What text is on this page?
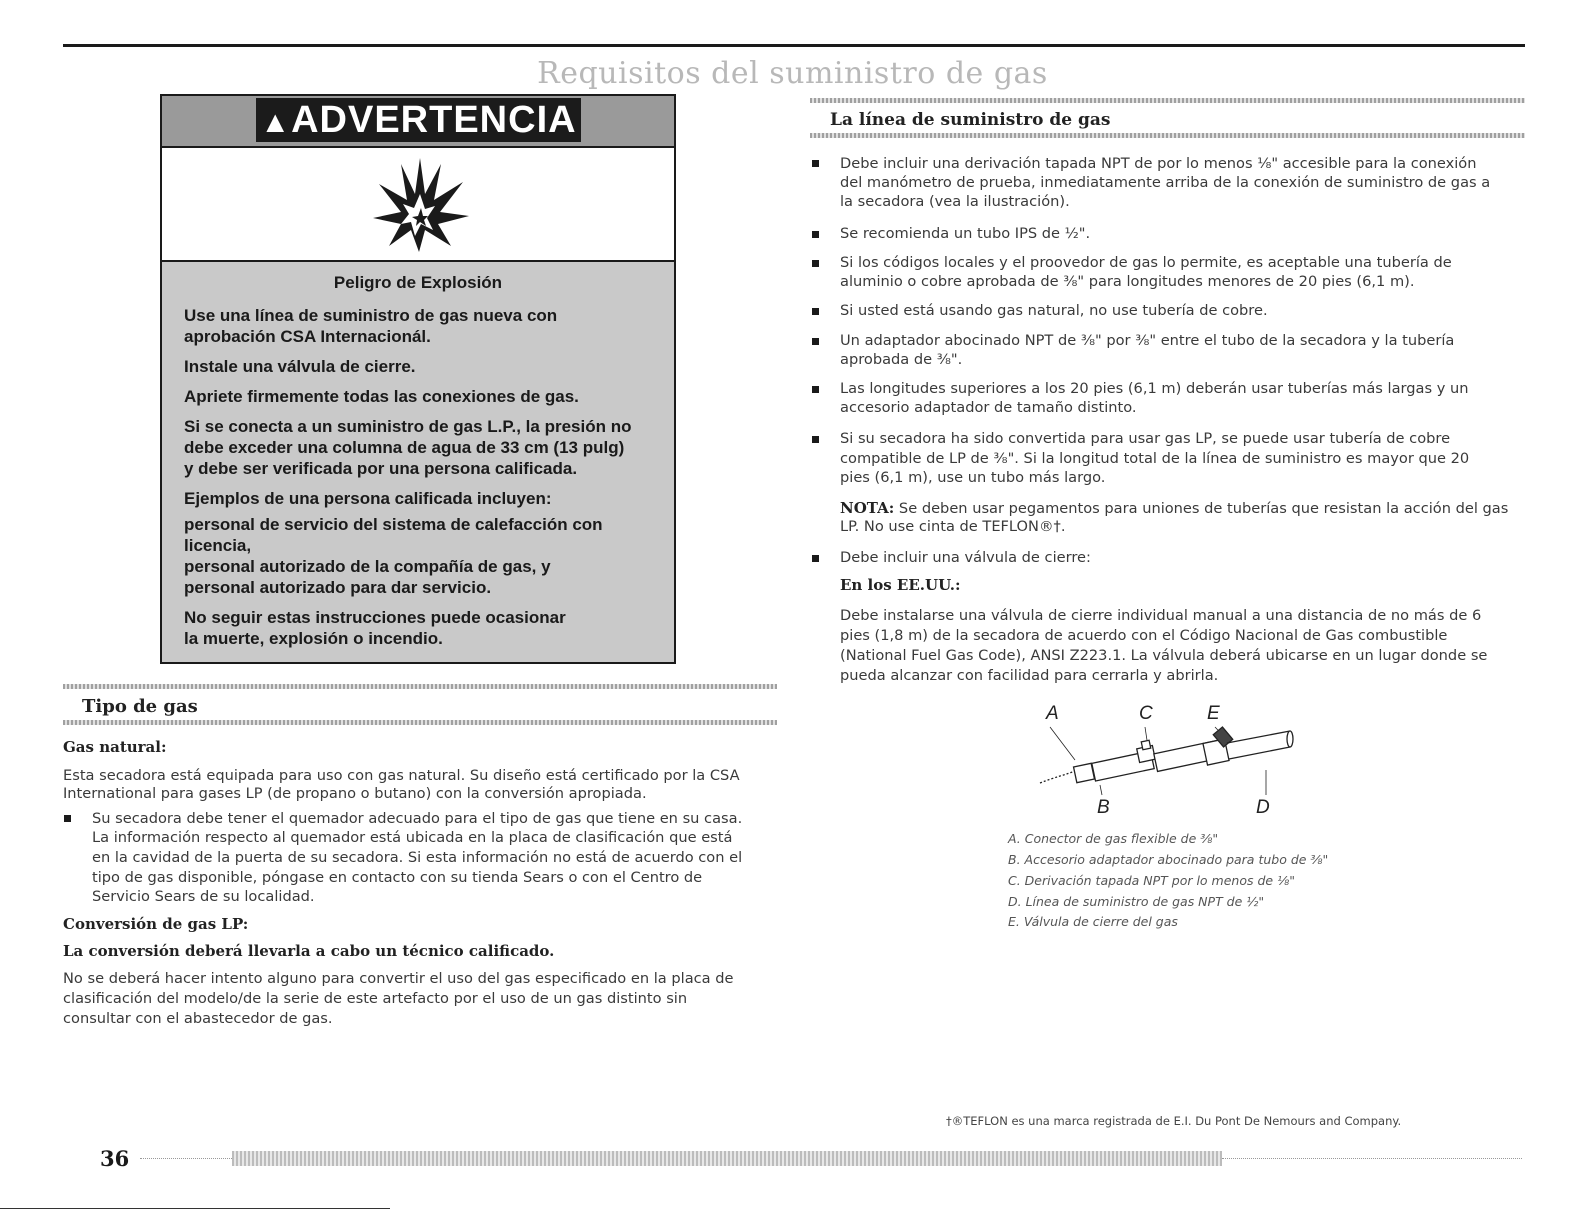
Requisitos del suministro de gas
▲ADVERTENCIA
Peligro de Explosión
Use una línea de suministro de gas nueva con
aprobación CSA Internacionál.
Instale una válvula de cierre.
Apriete firmemente todas las conexiones de gas.
Si se conecta a un suministro de gas L.P., la presión no
debe exceder una columna de agua de 33 cm (13 pulg)
y debe ser verificada por una persona calificada.
Ejemplos de una persona calificada incluyen:
personal de servicio del sistema de calefacción con
licencia,
personal autorizado de la compañía de gas, y
personal autorizado para dar servicio.
No seguir estas instrucciones puede ocasionar
la muerte, explosión o incendio.
Tipo de gas
Gas natural:
Esta secadora está equipada para uso con gas natural. Su diseño está certificado por la CSA
International para gases LP (de propano o butano) con la conversión apropiada.
Su secadora debe tener el quemador adecuado para el tipo de gas que tiene en su casa.
La información respecto al quemador está ubicada en la placa de clasificación que está
en la cavidad de la puerta de su secadora. Si esta información no está de acuerdo con el
tipo de gas disponible, póngase en contacto con su tienda Sears o con el Centro de
Servicio Sears de su localidad.
Conversión de gas LP:
La conversión deberá llevarla a cabo un técnico calificado.
No se deberá hacer intento alguno para convertir el uso del gas especificado en la placa de
clasificación del modelo/de la serie de este artefacto por el uso de un gas distinto sin
consultar con el abastecedor de gas.
La línea de suministro de gas
Debe incluir una derivación tapada NPT de por lo menos ⅛" accesible para la conexión
del manómetro de prueba, inmediatamente arriba de la conexión de suministro de gas a
la secadora (vea la ilustración).
Se recomienda un tubo IPS de ½".
Si los códigos locales y el proovedor de gas lo permite, es aceptable una tubería de
aluminio o cobre aprobada de ⅜" para longitudes menores de 20 pies (6,1 m).
Si usted está usando gas natural, no use tubería de cobre.
Un adaptador abocinado NPT de ⅜" por ⅜" entre el tubo de la secadora y la tubería
aprobada de ⅜".
Las longitudes superiores a los 20 pies (6,1 m) deberán usar tuberías más largas y un
accesorio adaptador de tamaño distinto.
Si su secadora ha sido convertida para usar gas LP, se puede usar tubería de cobre
compatible de LP de ⅜". Si la longitud total de la línea de suministro es mayor que 20
pies (6,1 m), use un tubo más largo.
NOTA: Se deben usar pegamentos para uniones de tuberías que resistan la acción del gas
LP. No use cinta de TEFLON®†.
Debe incluir una válvula de cierre:
En los EE.UU.:
Debe instalarse una válvula de cierre individual manual a una distancia de no más de 6
pies (1,8 m) de la secadora de acuerdo con el Código Nacional de Gas combustible
(National Fuel Gas Code), ANSI Z223.1. La válvula deberá ubicarse en un lugar donde se
pueda alcanzar con facilidad para cerrarla y abrirla.
A	C	E
B	D
A. Conector de gas flexible de ⅜"
B. Accesorio adaptador abocinado para tubo de ⅜"
C. Derivación tapada NPT por lo menos de ⅛"
D. Línea de suministro de gas NPT de ½"
E. Válvula de cierre del gas
†®TEFLON es una marca registrada de E.I. Du Pont De Nemours and Company.
36
